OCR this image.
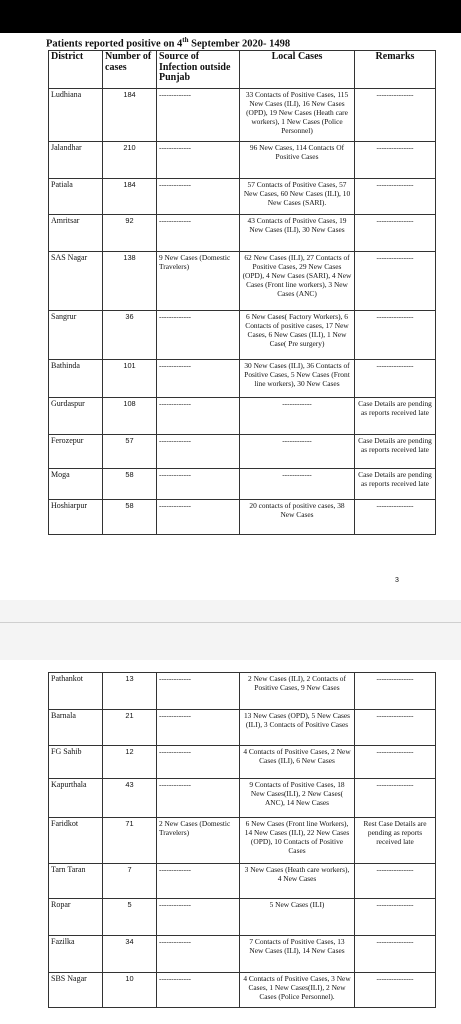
Patients reported positive on 4th September 2020- 1498
District	Number of cases	Source of Infection outside Punjab	Local Cases	Remarks
Ludhiana	184	-------------	33 Contacts of Positive Cases, 115 New Cases (ILI), 16 New Cases (OPD), 19 New Cases (Heath care workers), 1 New Cases (Police Personnel)	---------------
Jalandhar	210	-------------	96 New Cases, 114 Contacts Of Positive Cases	---------------
Patiala	184	-------------	57 Contacts of Positive Cases, 57 New Cases, 60 New Cases (ILI), 10 New Cases (SARI).	---------------
Amritsar	92	-------------	43 Contacts of Positive Cases, 19 New Cases (ILI), 30 New Cases	---------------
SAS Nagar	138	9 New Cases (Domestic Travelers)	62 New Cases (ILI), 27 Contacts of Positive Cases, 29 New Cases (OPD), 4 New Cases (SARI), 4 New Cases (Front line workers), 3 New Cases (ANC)	---------------
Sangrur	36	-------------	6 New Cases( Factory Workers), 6 Contacts of positive cases, 17 New Cases, 6 New Cases (ILI), 1 New Case( Pre surgery)	---------------
Bathinda	101	-------------	30 New Cases (ILI), 36 Contacts of Positive Cases, 5 New Cases (Front line workers), 30 New Cases	---------------
Gurdaspur	108	-------------	------------	Case Details are pending as reports received late
Ferozepur	57	-------------	------------	Case Details are pending as reports received late
Moga	58	-------------	------------	Case Details are pending as reports received late
Hoshiarpur	58	-------------	20 contacts of positive cases, 38 New Cases	---------------
3
Pathankot	13	-------------	2 New Cases (ILI), 2 Contacts of Positive Cases, 9 New Cases	---------------
Barnala	21	-------------	13 New Cases (OPD), 5 New Cases (ILI), 3 Contacts of Positive Cases	---------------
FG Sahib	12	-------------	4 Contacts of Positive Cases, 2 New Cases (ILI), 6 New Cases	---------------
Kapurthala	43	-------------	9 Contacts of Positive Cases, 18 New Cases(ILI), 2 New Cases( ANC), 14 New Cases	---------------
Faridkot	71	2 New Cases (Domestic Travelers)	6 New Cases (Front line Workers), 14 New Cases (ILI), 22 New Cases (OPD), 10 Contacts of Positive Cases	Rest Case Details are pending as reports received late
Tarn Taran	7	-------------	3 New Cases (Heath care workers), 4 New Cases	---------------
Ropar	5	-------------	5 New Cases (ILI)	---------------
Fazilka	34	-------------	7 Contacts of Positive Cases, 13 New Cases (ILI), 14 New Cases	---------------
SBS Nagar	10	-------------	4 Contacts of Positive Cases, 3 New Cases, 1 New Cases(ILI), 2 New Cases (Police Personnel).	---------------
